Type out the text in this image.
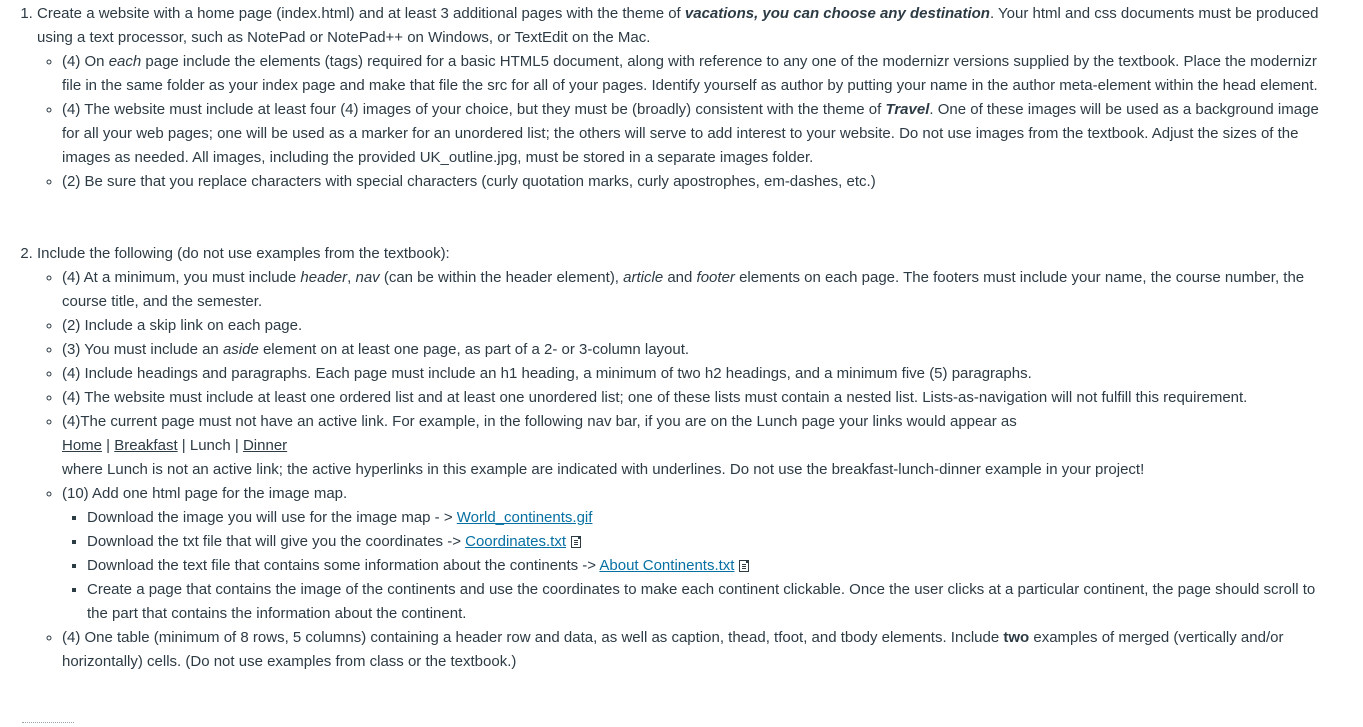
1. Create a website with a home page (index.html) and at least 3 additional pages with the theme of vacations, you can choose any destination. Your html and css documents must be produced using a text processor, such as NotePad or NotePad++ on Windows, or TextEdit on the Mac.
◦ (4) On each page include the elements (tags) required for a basic HTML5 document, along with reference to any one of the modernizr versions supplied by the textbook. Place the modernizr file in the same folder as your index page and make that file the src for all of your pages. Identify yourself as author by putting your name in the author meta-element within the head element.
◦ (4) The website must include at least four (4) images of your choice, but they must be (broadly) consistent with the theme of Travel. One of these images will be used as a background image for all your web pages; one will be used as a marker for an unordered list; the others will serve to add interest to your website. Do not use images from the textbook. Adjust the sizes of the images as needed. All images, including the provided UK_outline.jpg, must be stored in a separate images folder.
◦ (2) Be sure that you replace characters with special characters (curly quotation marks, curly apostrophes, em-dashes, etc.)
2. Include the following (do not use examples from the textbook):
◦ (4) At a minimum, you must include header, nav (can be within the header element), article and footer elements on each page. The footers must include your name, the course number, the course title, and the semester.
◦ (2) Include a skip link on each page.
◦ (3) You must include an aside element on at least one page, as part of a 2- or 3-column layout.
◦ (4) Include headings and paragraphs. Each page must include an h1 heading, a minimum of two h2 headings, and a minimum five (5) paragraphs.
◦ (4) The website must include at least one ordered list and at least one unordered list; one of these lists must contain a nested list. Lists-as-navigation will not fulfill this requirement.
◦ (4)The current page must not have an active link. For example, in the following nav bar, if you are on the Lunch page your links would appear as
Home | Breakfast | Lunch | Dinner
where Lunch is not an active link; the active hyperlinks in this example are indicated with underlines. Do not use the breakfast-lunch-dinner example in your project!
◦ (10) Add one html page for the image map.
▪ Download the image you will use for the image map - > World_continents.gif
▪ Download the txt file that will give you the coordinates -> Coordinates.txt
▪ Download the text file that contains some information about the continents -> About Continents.txt
▪ Create a page that contains the image of the continents and use the coordinates to make each continent clickable. Once the user clicks at a particular continent, the page should scroll to the part that contains the information about the continent.
◦ (4) One table (minimum of 8 rows, 5 columns) containing a header row and data, as well as caption, thead, tfoot, and tbody elements. Include two examples of merged (vertically and/or horizontally) cells. (Do not use examples from class or the textbook.)
